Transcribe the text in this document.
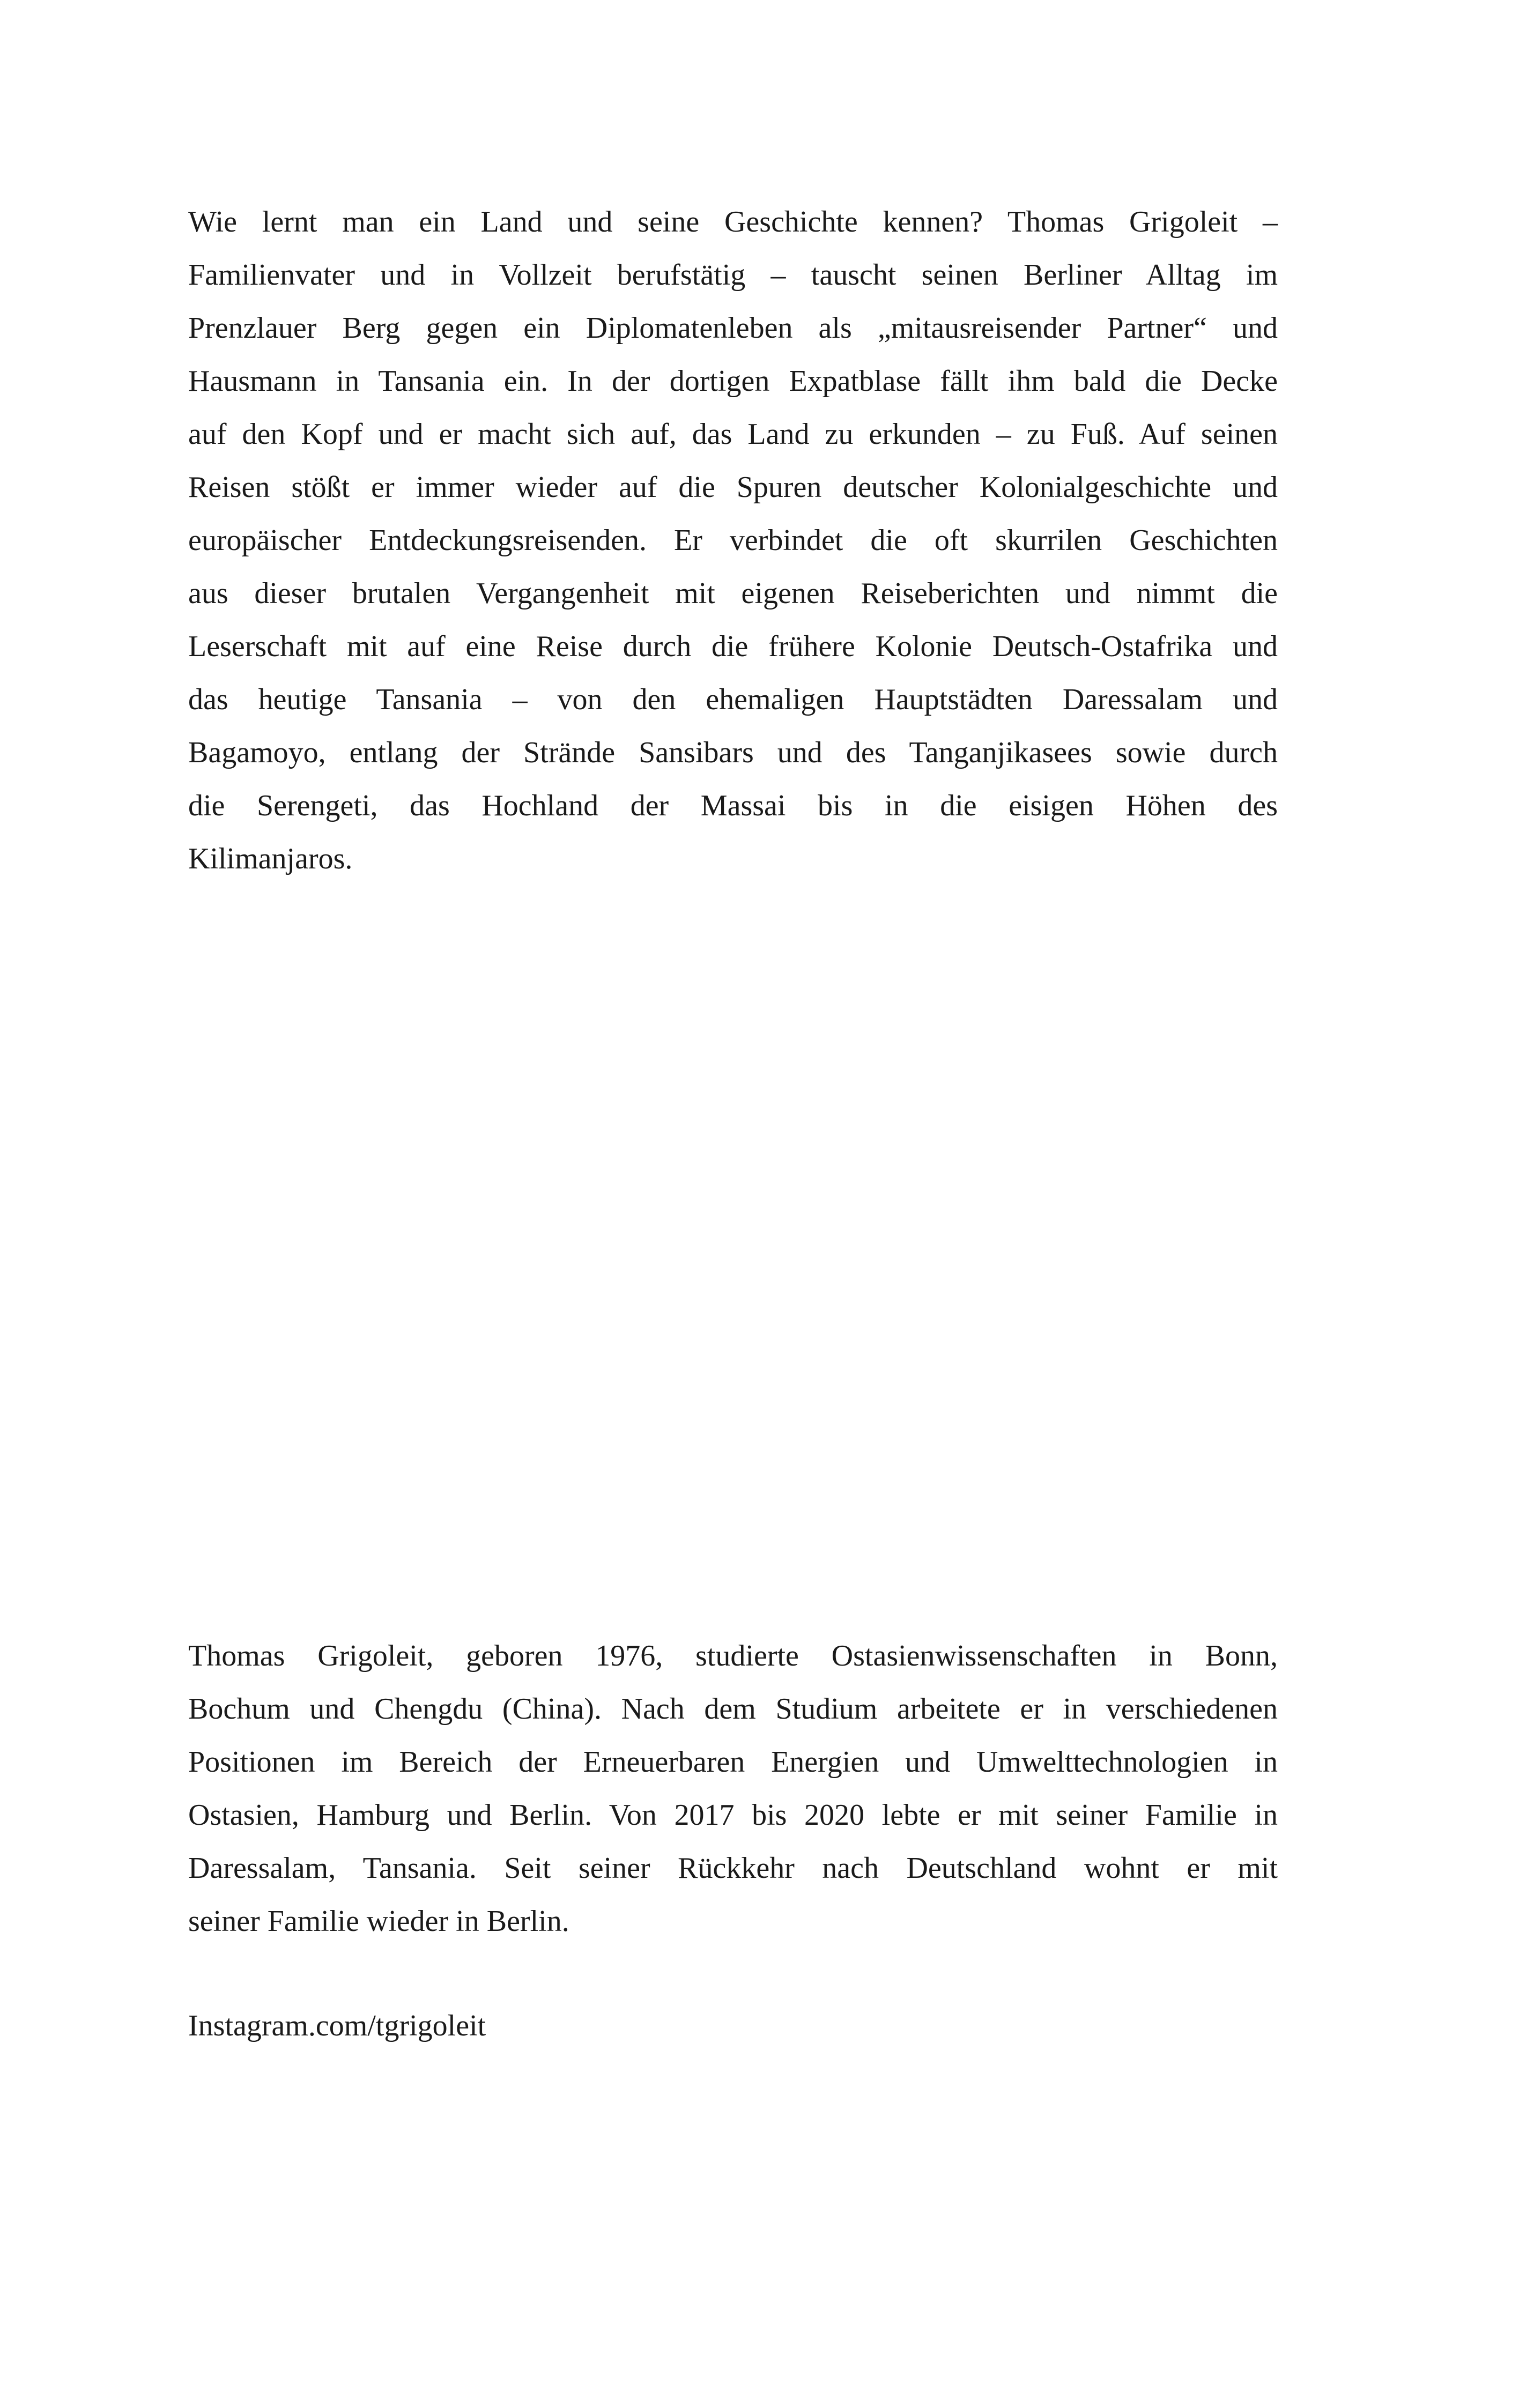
Wie lernt man ein Land und seine Geschichte kennen? Thomas Grigoleit –
Familienvater und in Vollzeit berufstätig – tauscht seinen Berliner Alltag im
Prenzlauer Berg gegen ein Diplomatenleben als „mitausreisender Partner“ und
Hausmann in Tansania ein. In der dortigen Expatblase fällt ihm bald die Decke
auf den Kopf und er macht sich auf, das Land zu erkunden – zu Fuß. Auf seinen
Reisen stößt er immer wieder auf die Spuren deutscher Kolonialgeschichte und
europäischer Entdeckungsreisenden. Er verbindet die oft skurrilen Geschichten
aus dieser brutalen Vergangenheit mit eigenen Reiseberichten und nimmt die
Leserschaft mit auf eine Reise durch die frühere Kolonie Deutsch-Ostafrika und
das heutige Tansania – von den ehemaligen Hauptstädten Daressalam und
Bagamoyo, entlang der Strände Sansibars und des Tanganjikasees sowie durch
die Serengeti, das Hochland der Massai bis in die eisigen Höhen des
Kilimanjaros.
Thomas Grigoleit, geboren 1976, studierte Ostasienwissenschaften in Bonn,
Bochum und Chengdu (China). Nach dem Studium arbeitete er in verschiedenen
Positionen im Bereich der Erneuerbaren Energien und Umwelttechnologien in
Ostasien, Hamburg und Berlin. Von 2017 bis 2020 lebte er mit seiner Familie in
Daressalam, Tansania. Seit seiner Rückkehr nach Deutschland wohnt er mit
seiner Familie wieder in Berlin.

Instagram.com/tgrigoleit
